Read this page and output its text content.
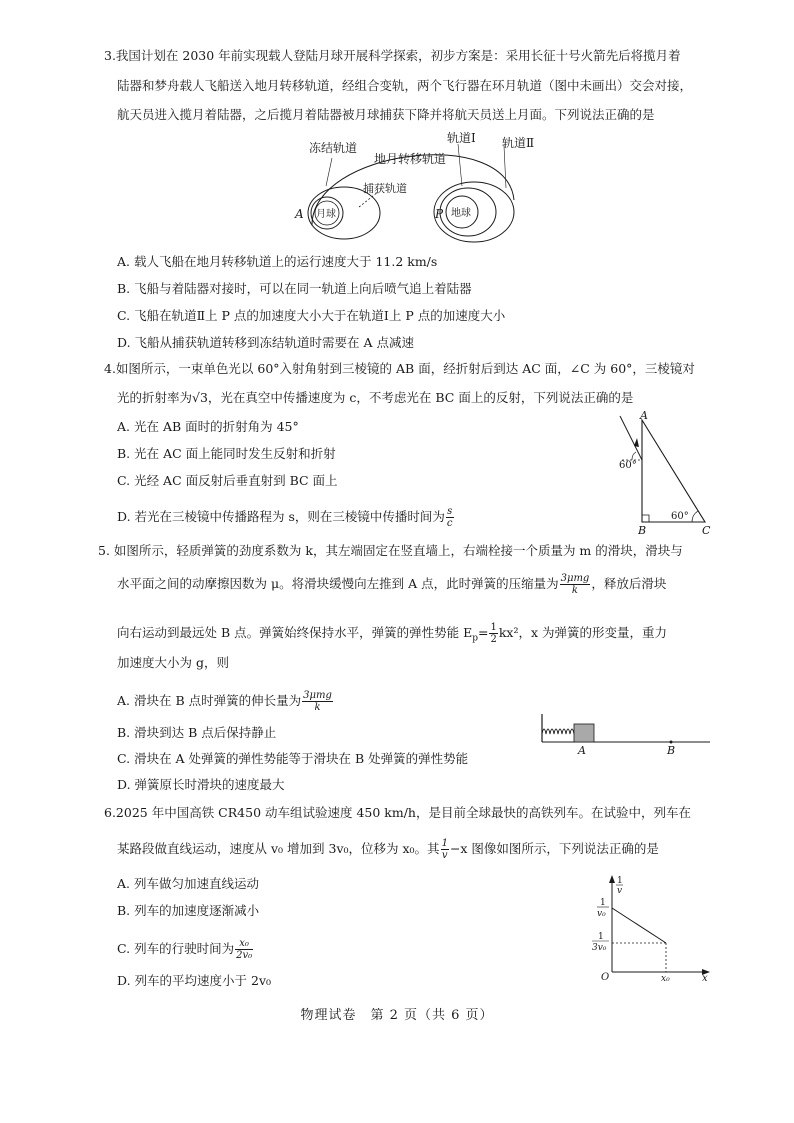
3.我国计划在 2030 年前实现载人登陆月球开展科学探索，初步方案是：采用长征十号火箭先后将揽月着
陆器和梦舟载人飞船送入地月转移轨道，经组合变轨，两个飞行器在环月轨道（图中未画出）交会对接，
航天员进入揽月着陆器，之后揽月着陆器被月球捕获下降并将航天员送上月面。下列说法正确的是
冻结轨道
地月转移轨道
轨道Ⅰ 轨道Ⅱ
捕获轨道
月球	地球
A	P
A. 载人飞船在地月转移轨道上的运行速度大于 11.2 km/s
B. 飞船与着陆器对接时，可以在同一轨道上向后喷气追上着陆器
C. 飞船在轨道Ⅱ上 P 点的加速度大小大于在轨道Ⅰ上 P 点的加速度大小
D. 飞船从捕获轨道转移到冻结轨道时需要在 A 点减速
4.如图所示，一束单色光以 60°入射角射到三棱镜的 AB 面，经折射后到达 AC 面，∠C 为 60°，三棱镜对
光的折射率为√3，光在真空中传播速度为 c，不考虑光在 BC 面上的反射，下列说法正确的是
A. 光在 AB 面时的折射角为 45°
B. 光在 AC 面上能同时发生反射和折射
C. 光经 AC 面反射后垂直射到 BC 面上
D. 若光在三棱镜中传播路程为 s，则在三棱镜中传播时间为 $\frac{s}{c}$
A
B	C
60°
60°
5. 如图所示，轻质弹簧的劲度系数为 k，其左端固定在竖直墙上，右端栓接一个质量为 m 的滑块，滑块与
水平面之间的动摩擦因数为 μ。将滑块缓慢向左推到 A 点，此时弹簧的压缩量为 $\frac{\text{3μmg}}{k}$ ，释放后滑块
向右运动到最远处 B 点。弹簧始终保持水平，弹簧的弹性势能 $E_p= \frac{1}{2} kx^2$，x 为弹簧的形变量，重力
加速度大小为 g，则
A. 滑块在 B 点时弹簧的伸长量为 $\frac{\text{3μmg}}{k}$
B. 滑块到达 B 点后保持静止
C. 滑块在 A 处弹簧的弹性势能等于滑块在 B 处弹簧的弹性势能
D. 弹簧原长时滑块的速度最大
A	B
6.2025 年中国高铁 CR450 动车组试验速度 450 km/h，是目前全球最快的高铁列车。在试验中，列车在
某路段做直线运动，速度从 v₀ 增加到 3v₀，位移为 x₀。其 $\frac{1}{v} -x$ 图像如图所示，下列说法正确的是
A. 列车做匀加速直线运动
B. 列车的加速度逐渐减小
C. 列车的行驶时间为 $\frac{\text{x₀}}{\text{2v₀}}$
D. 列车的平均速度小于 2v₀
1
v
1
v₀
1
3v₀
O	x₀	x
物理试卷　第 2 页（共 6 页）
